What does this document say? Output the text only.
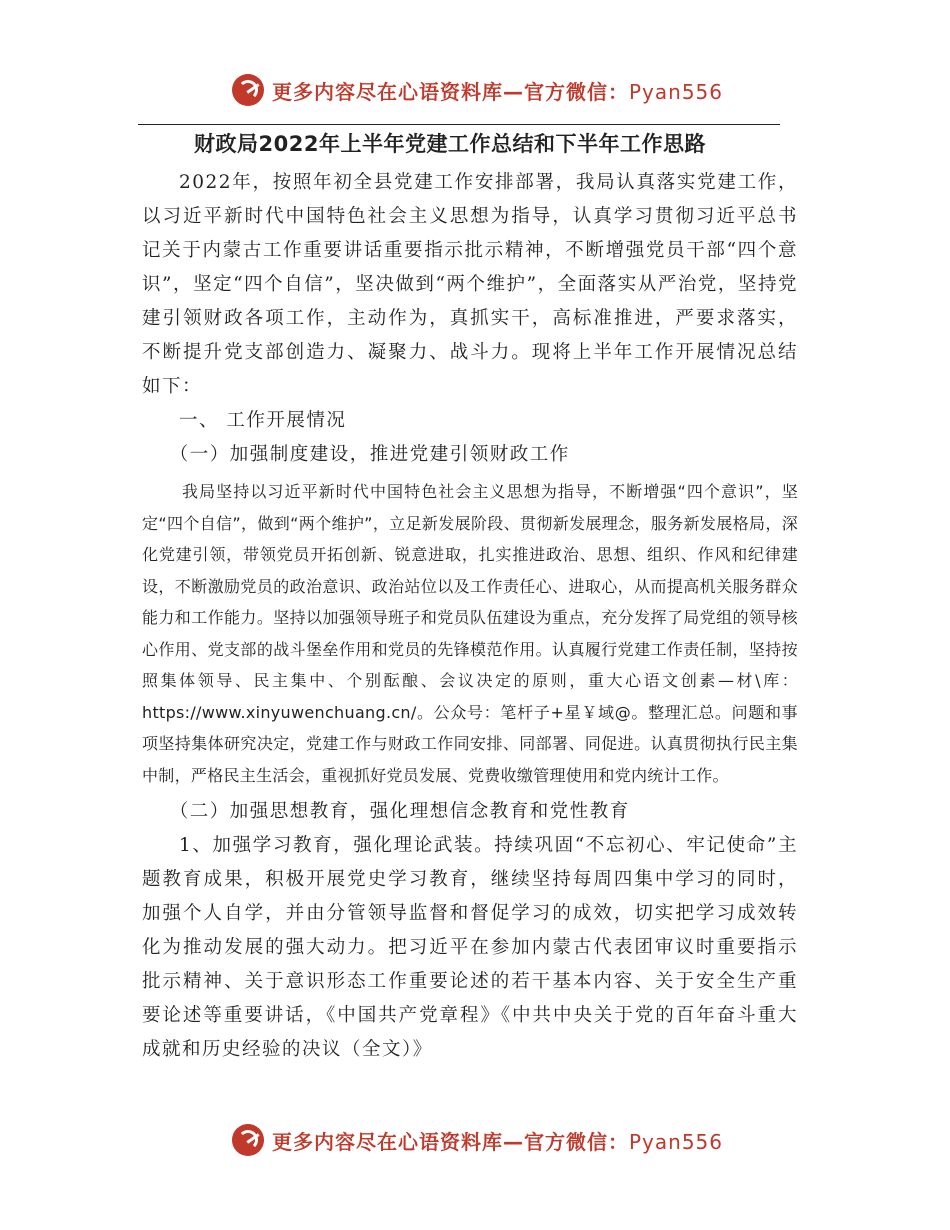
更多内容尽在心语资料库—官方微信：Pyan556
财政局2022年上半年党建工作总结和下半年工作思路

2022年，按照年初全县党建工作安排部署，我局认真落实党建工作，以习近平新时代中国特色社会主义思想为指导，认真学习贯彻习近平总书记关于内蒙古工作重要讲话重要指示批示精神，不断增强党员干部“四个意识”，坚定“四个自信”，坚决做到“两个维护”，全面落实从严治党，坚持党建引领财政各项工作，主动作为，真抓实干，高标准推进，严要求落实，不断提升党支部创造力、凝聚力、战斗力。现将上半年工作开展情况总结如下：

一、 工作开展情况

（一）加强制度建设，推进党建引领财政工作

我局坚持以习近平新时代中国特色社会主义思想为指导，不断增强“四个意识”，坚定“四个自信”，做到“两个维护”，立足新发展阶段、贯彻新发展理念，服务新发展格局，深化党建引领，带领党员开拓创新、锐意进取，扎实推进政治、思想、组织、作风和纪律建设，不断激励党员的政治意识、政治站位以及工作责任心、进取心，从而提高机关服务群众能力和工作能力。坚持以加强领导班子和党员队伍建设为重点，充分发挥了局党组的领导核心作用、党支部的战斗堡垒作用和党员的先锋模范作用。认真履行党建工作责任制，坚持按照集体领导、民主集中、个别酝酿、会议决定的原则，重大心语文创素—材\库：https://www.xinyuwenchuang.cn/。公众号：笔杆子+星￥域@。整理汇总。问题和事项坚持集体研究决定，党建工作与财政工作同安排、同部署、同促进。认真贯彻执行民主集中制，严格民主生活会，重视抓好党员发展、党费收缴管理使用和党内统计工作。

（二）加强思想教育，强化理想信念教育和党性教育

1、加强学习教育，强化理论武装。持续巩固“不忘初心、牢记使命”主题教育成果，积极开展党史学习教育，继续坚持每周四集中学习的同时，加强个人自学，并由分管领导监督和督促学习的成效，切实把学习成效转化为推动发展的强大动力。把习近平在参加内蒙古代表团审议时重要指示批示精神、关于意识形态工作重要论述的若干基本内容、关于安全生产重要论述等重要讲话，《中国共产党章程》《中共中央关于党的百年奋斗重大成就和历史经验的决议（全文）》

更多内容尽在心语资料库—官方微信：Pyan556
